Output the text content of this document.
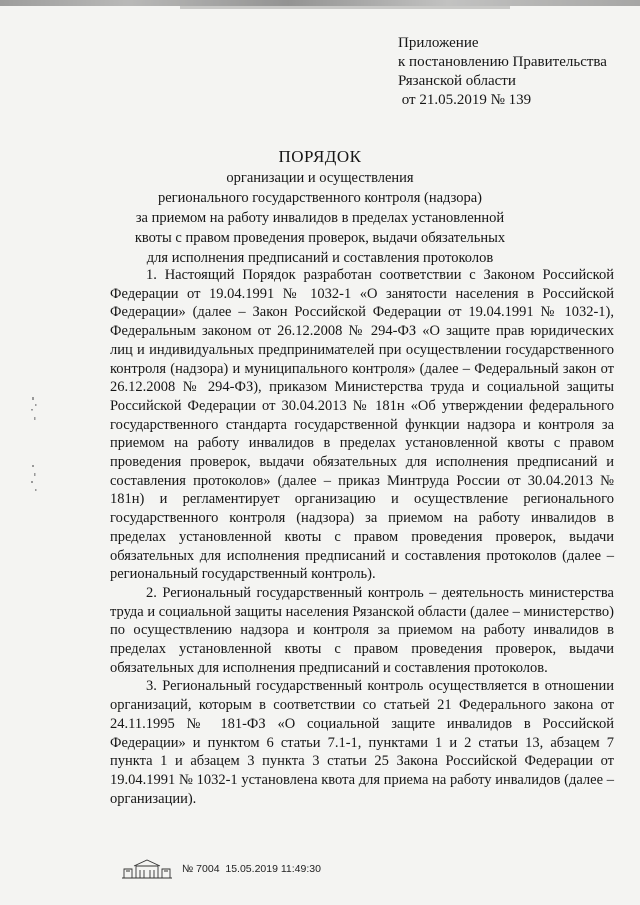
Приложение
к постановлению Правительства
Рязанской области
от 21.05.2019 № 139
ПОРЯДОК
организации и осуществления
регионального государственного контроля (надзора)
за приемом на работу инвалидов в пределах установленной
квоты с правом проведения проверок, выдачи обязательных
для исполнения предписаний и составления протоколов

1. Настоящий Порядок разработан соответствии с Законом Российской Федерации от 19.04.1991 № 1032-1 «О занятости населения в Российской Федерации» (далее – Закон Российской Федерации от 19.04.1991 № 1032-1), Федеральным законом от 26.12.2008 № 294-ФЗ «О защите прав юридических лиц и индивидуальных предпринимателей при осуществлении государственного контроля (надзора) и муниципального контроля» (далее – Федеральный закон от 26.12.2008 № 294-ФЗ), приказом Министерства труда и социальной защиты Российской Федерации от 30.04.2013 № 181н «Об утверждении федерального государственного стандарта государственной функции надзора и контроля за приемом на работу инвалидов в пределах установленной квоты с правом проведения проверок, выдачи обязательных для исполнения предписаний и составления протоколов» (далее – приказ Минтруда России от 30.04.2013 № 181н) и регламентирует организацию и осуществление регионального государственного контроля (надзора) за приемом на работу инвалидов в пределах установленной квоты с правом проведения проверок, выдачи обязательных для исполнения предписаний и составления протоколов (далее – региональный государственный контроль).

2. Региональный государственный контроль – деятельность министерства труда и социальной защиты населения Рязанской области (далее – министерство) по осуществлению надзора и контроля за приемом на работу инвалидов в пределах установленной квоты с правом проведения проверок, выдачи обязательных для исполнения предписаний и составления протоколов.

3. Региональный государственный контроль осуществляется в отношении организаций, которым в соответствии со статьей 21 Федерального закона от 24.11.1995 № 181-ФЗ «О социальной защите инвалидов в Российской Федерации» и пунктом 6 статьи 7.1-1, пунктами 1 и 2 статьи 13, абзацем 7 пункта 1 и абзацем 3 пункта 3 статьи 25 Закона Российской Федерации от 19.04.1991 № 1032-1 установлена квота для приема на работу инвалидов (далее – организации).

№ 7004  15.05.2019 11:49:30
